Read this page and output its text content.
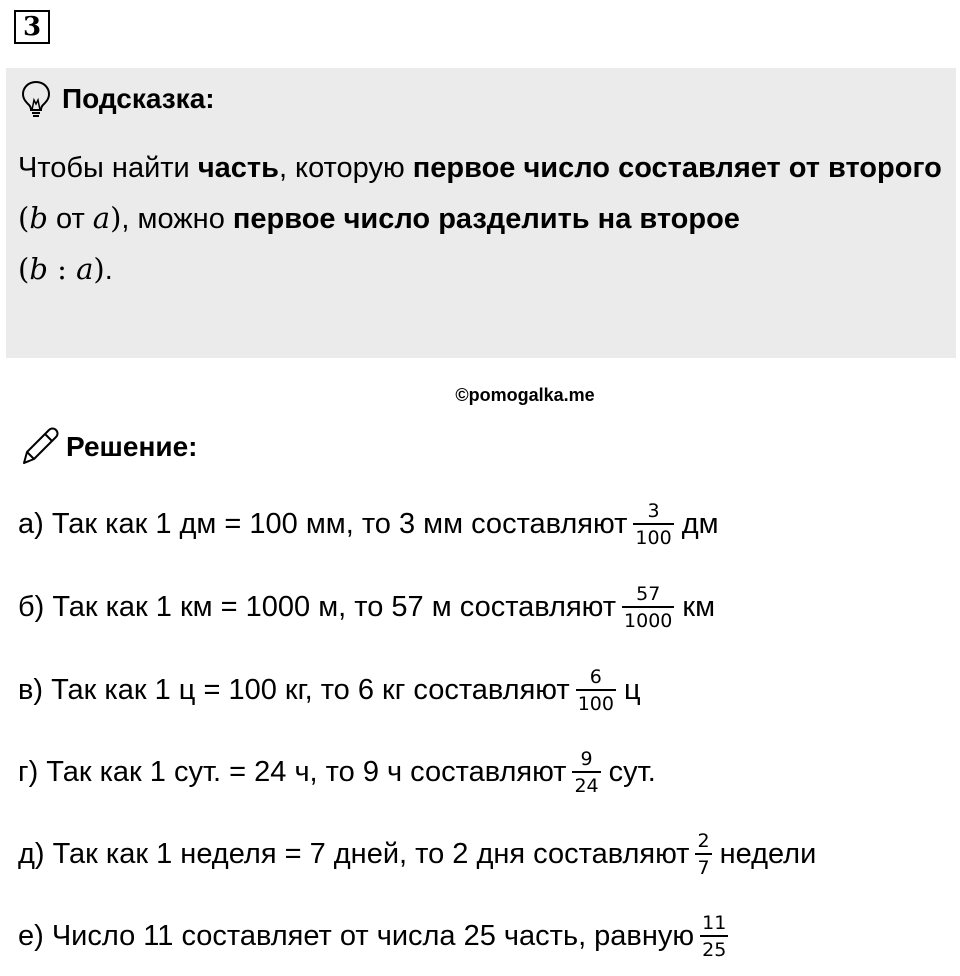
3
Подсказка:
Чтобы найти часть, которую первое число составляет от второго (b от a), можно первое число разделить на второе
(b : a).
©pomogalka.me
Решение:
а) Так как 1 дм = 100 мм, то 3 мм составляют $\frac{3}{100}$ дм
б) Так как 1 км = 1000 м, то 57 м составляют $\frac{57}{1000}$ км
в) Так как 1 ц = 100 кг, то 6 кг составляют $\frac{6}{100}$ ц
г) Так как 1 сут. = 24 ч, то 9 ч составляют $\frac{9}{24}$ сут.
д) Так как 1 неделя = 7 дней, то 2 дня составляют $\frac{2}{7}$ недели
е) Число 11 составляет от числа 25 часть, равную $\frac{11}{25}$
